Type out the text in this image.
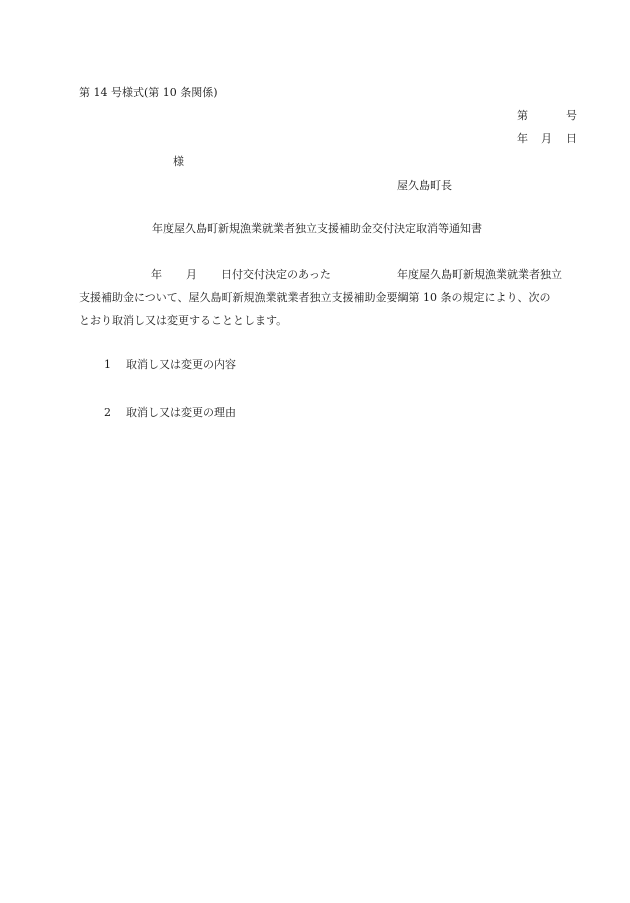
第 14 号様式(第 10 条関係)
第	号
年 月 日
様
屋久島町長
年度屋久島町新規漁業就業者独立支援補助金交付決定取消等通知書
年 月 日付交付決定のあった	年度屋久島町新規漁業就業者独立
支援補助金について、屋久島町新規漁業就業者独立支援補助金要綱第 10 条の規定により、次の
とおり取消し又は変更することとします。
1 取消し又は変更の内容
2 取消し又は変更の理由
